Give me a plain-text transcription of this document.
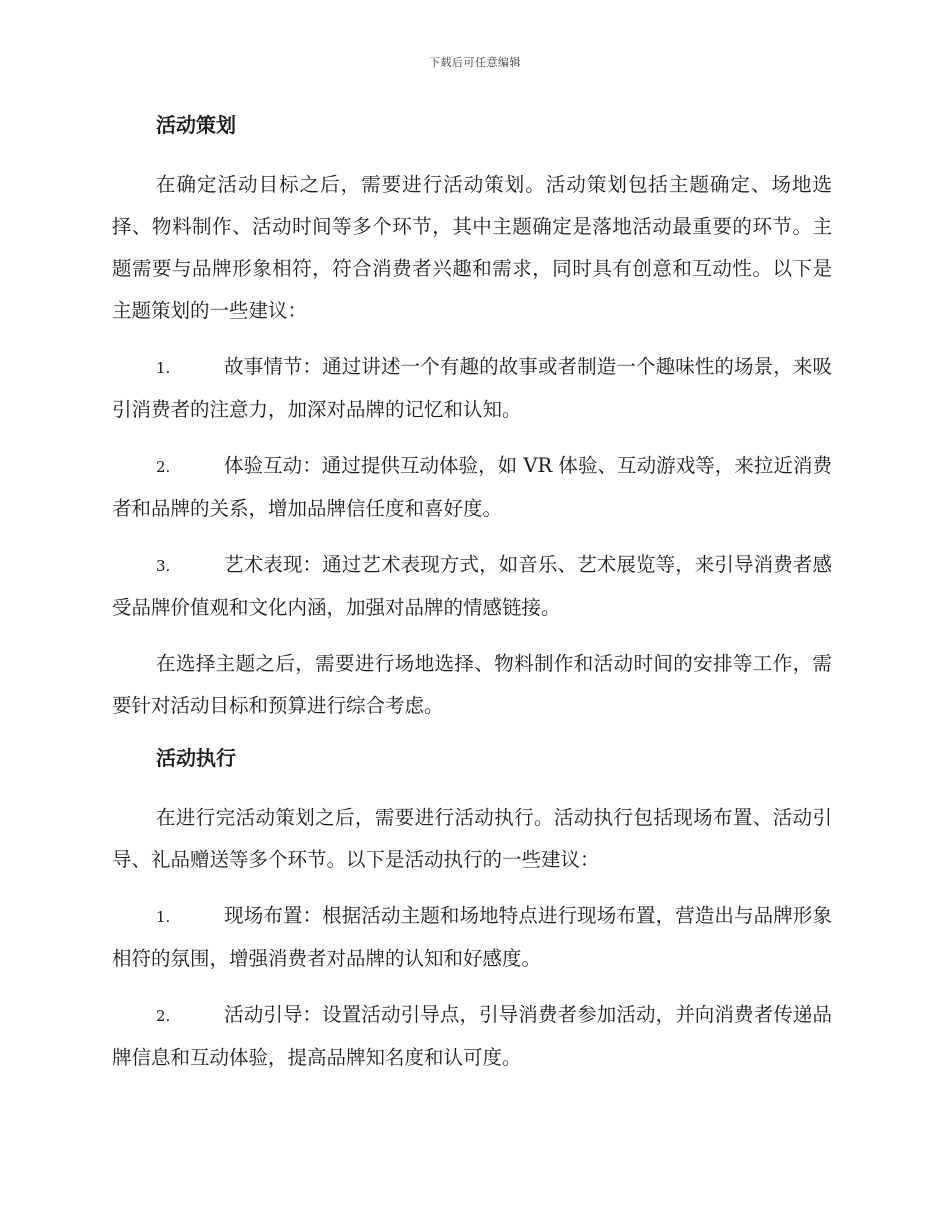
下载后可任意编辑
活动策划

在确定活动目标之后，需要进行活动策划。活动策划包括主题确定、场地选择、物料制作、活动时间等多个环节，其中主题确定是落地活动最重要的环节。主题需要与品牌形象相符，符合消费者兴趣和需求，同时具有创意和互动性。以下是主题策划的一些建议：

1.	故事情节：通过讲述一个有趣的故事或者制造一个趣味性的场景，来吸引消费者的注意力，加深对品牌的记忆和认知。
2.	体验互动：通过提供互动体验，如 VR 体验、互动游戏等，来拉近消费者和品牌的关系，增加品牌信任度和喜好度。
3.	艺术表现：通过艺术表现方式，如音乐、艺术展览等，来引导消费者感受品牌价值观和文化内涵，加强对品牌的情感链接。

在选择主题之后，需要进行场地选择、物料制作和活动时间的安排等工作，需要针对活动目标和预算进行综合考虑。

活动执行

在进行完活动策划之后，需要进行活动执行。活动执行包括现场布置、活动引导、礼品赠送等多个环节。以下是活动执行的一些建议：

1.	现场布置：根据活动主题和场地特点进行现场布置，营造出与品牌形象相符的氛围，增强消费者对品牌的认知和好感度。
2.	活动引导：设置活动引导点，引导消费者参加活动，并向消费者传递品牌信息和互动体验，提高品牌知名度和认可度。
